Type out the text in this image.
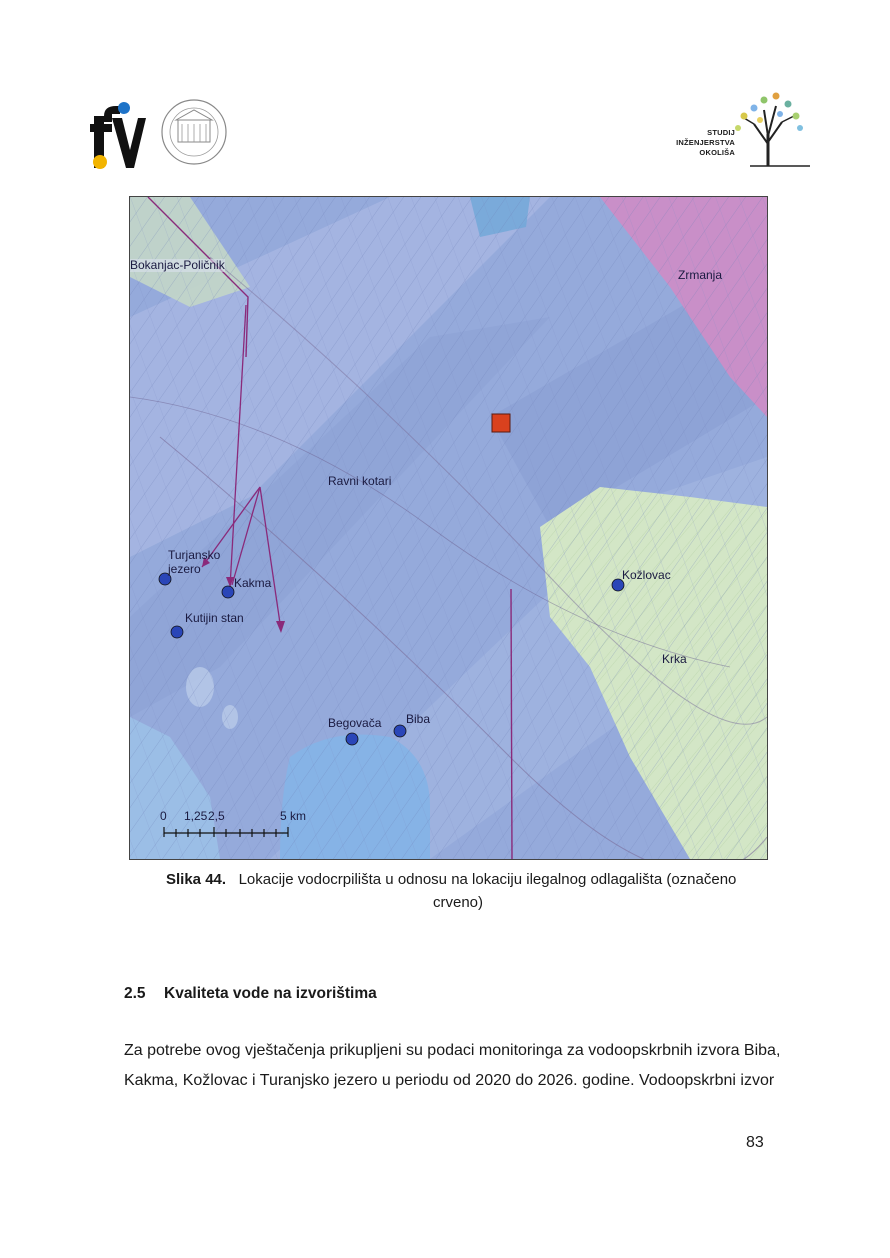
STUDIJ
INŽENJERSTVA
OKOLIŠA
Bokanjac-Poličnik
Zrmanja
Ravni kotari
Turjansko
jezero
Kakma
Kutijin stan
Kožlovac
Krka
Begovača Biba
0 1,25 2,5	5 km
Slika 44. Lokacije vodocrpilišta u odnosu na lokaciju ilegalnog odlagališta (označeno
crveno)
2.5 Kvaliteta vode na izvorištima
Za potrebe ovog vještačenja prikupljeni su podaci monitoringa za vodoopskrbnih izvora Biba,
Kakma, Kožlovac i Turanjsko jezero u periodu od 2020 do 2026. godine. Vodoopskrbni izvor
83
